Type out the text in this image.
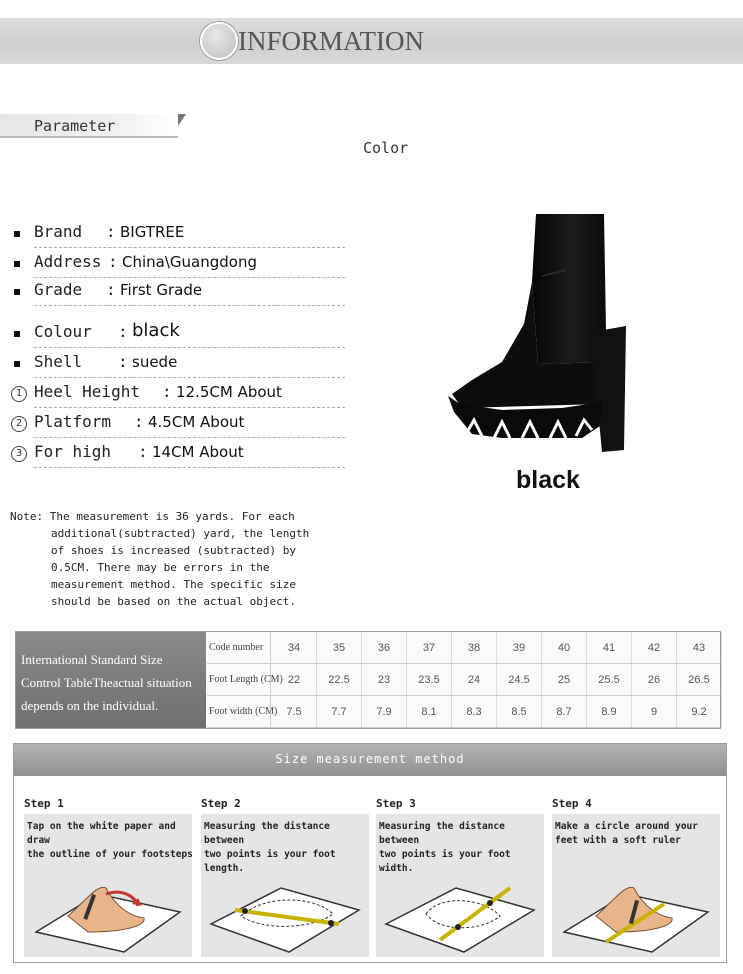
INFORMATION
Parameter
Color
Brand : BIGTREE
Address : China\Guangdong
Grade : First Grade
Colour : black
Shell : suede
1 Heel Height : 12.5CM About
2 Platform : 4.5CM About
3 For high : 14CM About
black
Note: The measurement is 36 yards. For each
additional(subtracted) yard, the length
of shoes is increased (subtracted) by
0.5CM. There may be errors in the
measurement method. The specific size
should be based on the actual object.
International Standard Size
Control TableTheactual situation
depends on the individual.
Code number	34	35	36	37	38	39	40	41	42	43
Foot Length (CM) 22	22.5	23	23.5	24	24.5	25	25.5	26	26.5
Foot width (CM) 7.5	7.7	7.9	8.1	8.3	8.5	8.7	8.9	9	9.2
Size measurement method
Step 1
Tap on the white paper and draw
the outline of your footsteps
Step 2
Measuring the distance between
two points is your foot length.
Step 3
Measuring the distance between
two points is your foot width.
Step 4
Make a circle around your
feet with a soft ruler
